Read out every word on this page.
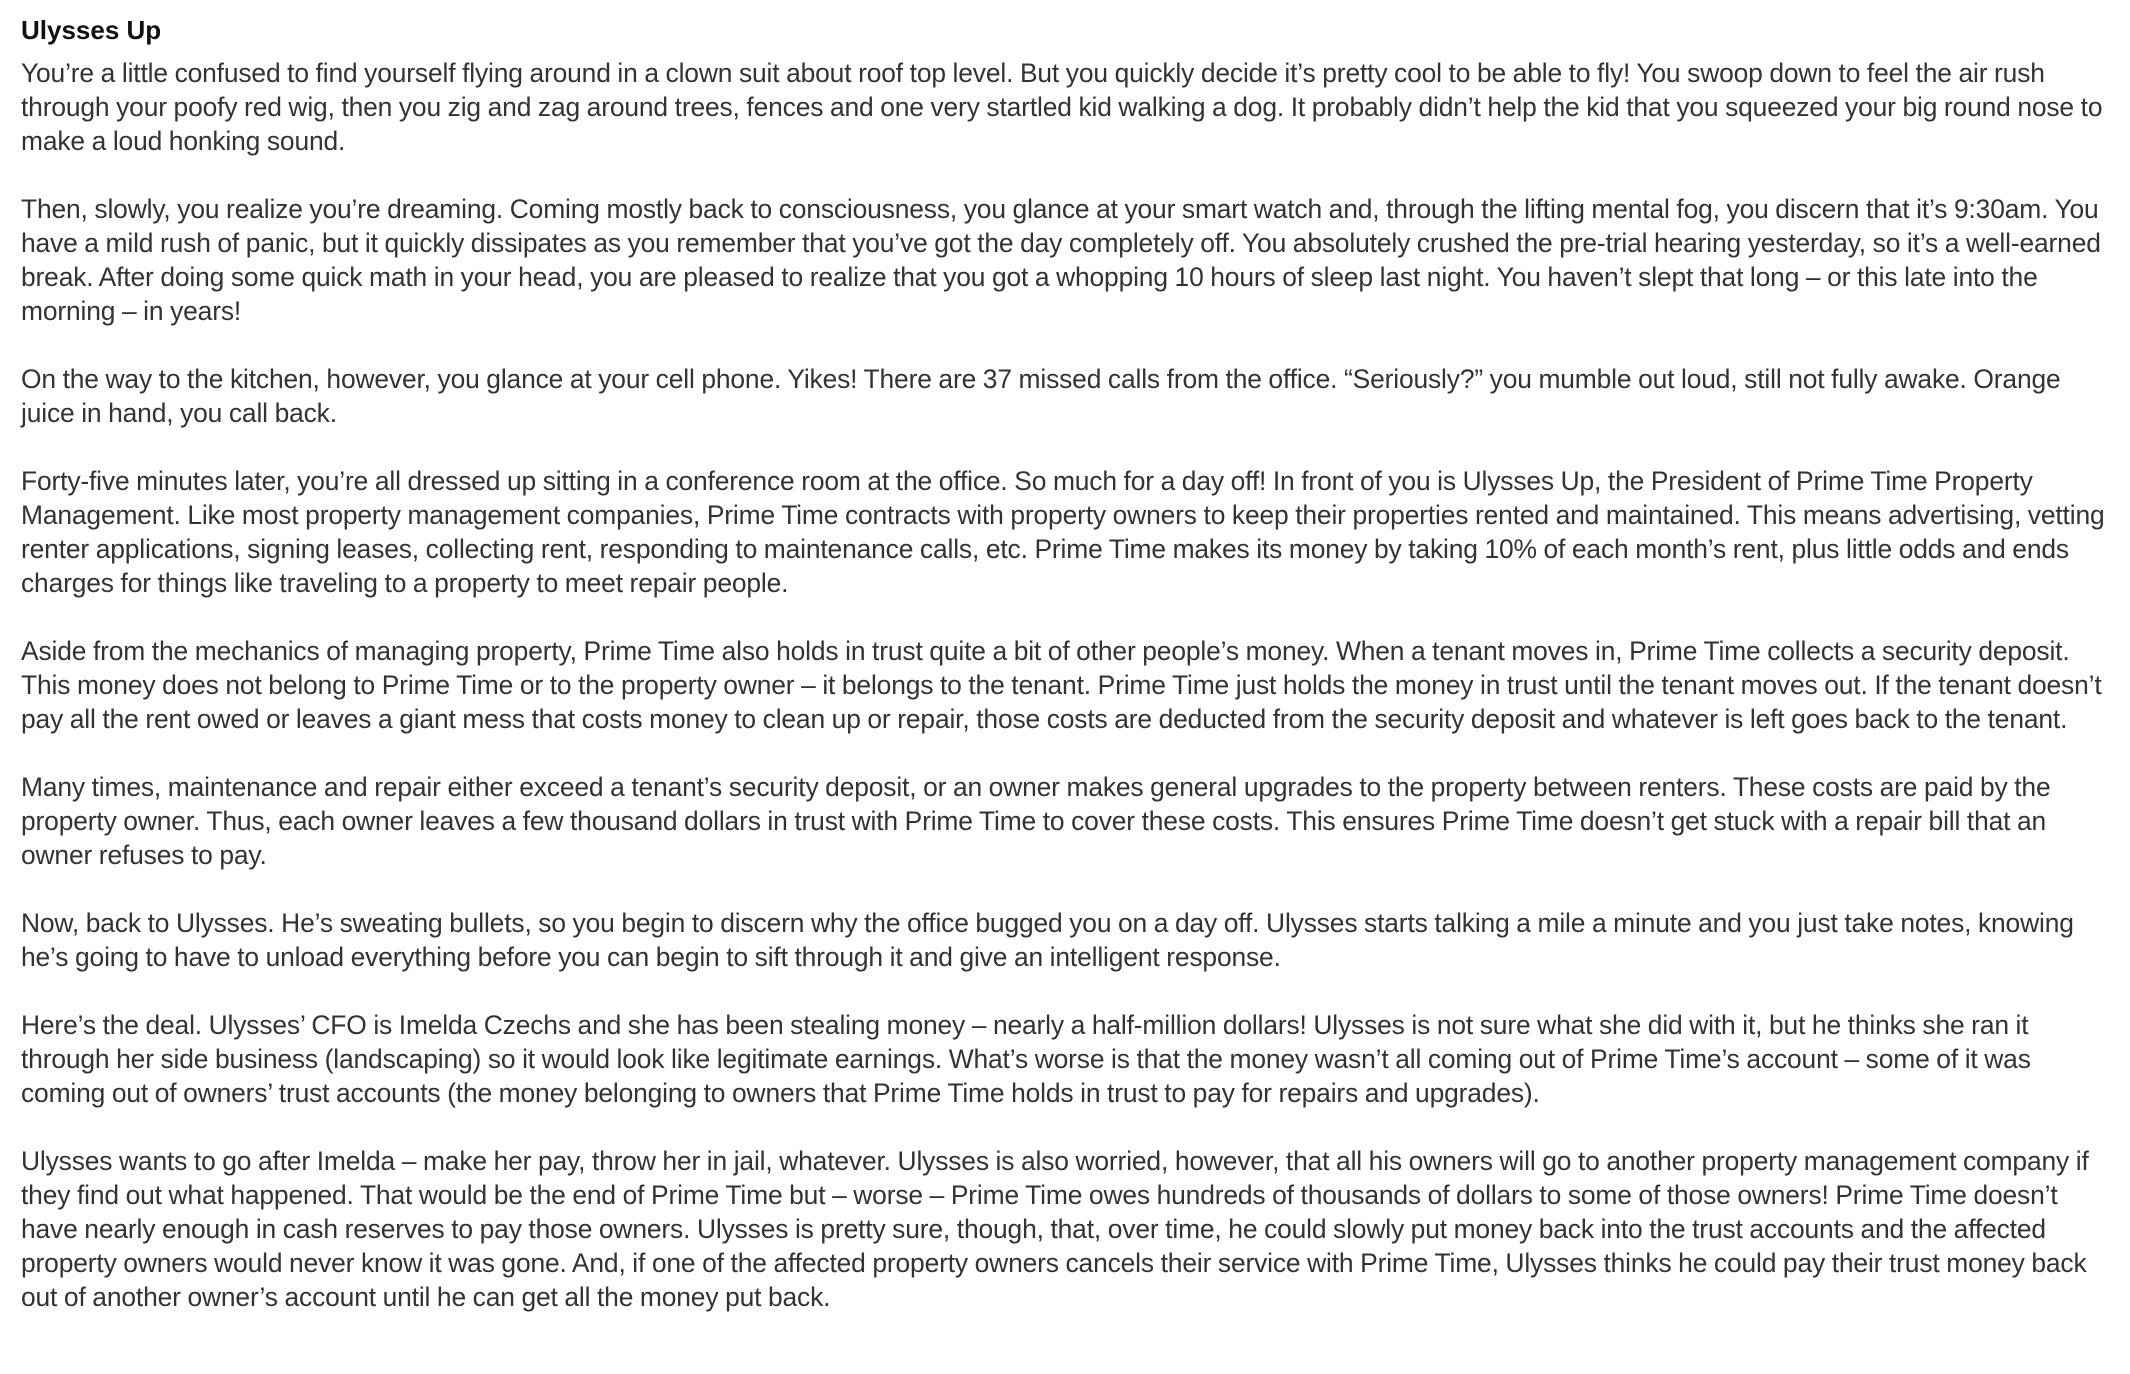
Ulysses Up

You’re a little confused to find yourself flying around in a clown suit about roof top level. But you quickly decide it’s pretty cool to be able to fly! You swoop down to feel the air rush through your poofy red wig, then you zig and zag around trees, fences and one very startled kid walking a dog. It probably didn’t help the kid that you squeezed your big round nose to make a loud honking sound.

Then, slowly, you realize you’re dreaming. Coming mostly back to consciousness, you glance at your smart watch and, through the lifting mental fog, you discern that it’s 9:30am. You have a mild rush of panic, but it quickly dissipates as you remember that you’ve got the day completely off. You absolutely crushed the pre-trial hearing yesterday, so it’s a well-earned break. After doing some quick math in your head, you are pleased to realize that you got a whopping 10 hours of sleep last night. You haven’t slept that long – or this late into the morning – in years!

On the way to the kitchen, however, you glance at your cell phone. Yikes! There are 37 missed calls from the office. “Seriously?” you mumble out loud, still not fully awake. Orange juice in hand, you call back.

Forty-five minutes later, you’re all dressed up sitting in a conference room at the office. So much for a day off! In front of you is Ulysses Up, the President of Prime Time Property Management. Like most property management companies, Prime Time contracts with property owners to keep their properties rented and maintained. This means advertising, vetting renter applications, signing leases, collecting rent, responding to maintenance calls, etc. Prime Time makes its money by taking 10% of each month’s rent, plus little odds and ends charges for things like traveling to a property to meet repair people.

Aside from the mechanics of managing property, Prime Time also holds in trust quite a bit of other people’s money. When a tenant moves in, Prime Time collects a security deposit. This money does not belong to Prime Time or to the property owner – it belongs to the tenant. Prime Time just holds the money in trust until the tenant moves out. If the tenant doesn’t pay all the rent owed or leaves a giant mess that costs money to clean up or repair, those costs are deducted from the security deposit and whatever is left goes back to the tenant.

Many times, maintenance and repair either exceed a tenant’s security deposit, or an owner makes general upgrades to the property between renters. These costs are paid by the property owner. Thus, each owner leaves a few thousand dollars in trust with Prime Time to cover these costs. This ensures Prime Time doesn’t get stuck with a repair bill that an owner refuses to pay.

Now, back to Ulysses. He’s sweating bullets, so you begin to discern why the office bugged you on a day off. Ulysses starts talking a mile a minute and you just take notes, knowing he’s going to have to unload everything before you can begin to sift through it and give an intelligent response.

Here’s the deal. Ulysses’ CFO is Imelda Czechs and she has been stealing money – nearly a half-million dollars! Ulysses is not sure what she did with it, but he thinks she ran it through her side business (landscaping) so it would look like legitimate earnings. What’s worse is that the money wasn’t all coming out of Prime Time’s account – some of it was coming out of owners’ trust accounts (the money belonging to owners that Prime Time holds in trust to pay for repairs and upgrades).

Ulysses wants to go after Imelda – make her pay, throw her in jail, whatever. Ulysses is also worried, however, that all his owners will go to another property management company if they find out what happened. That would be the end of Prime Time but – worse – Prime Time owes hundreds of thousands of dollars to some of those owners! Prime Time doesn’t have nearly enough in cash reserves to pay those owners. Ulysses is pretty sure, though, that, over time, he could slowly put money back into the trust accounts and the affected property owners would never know it was gone. And, if one of the affected property owners cancels their service with Prime Time, Ulysses thinks he could pay their trust money back out of another owner’s account until he can get all the money put back.
